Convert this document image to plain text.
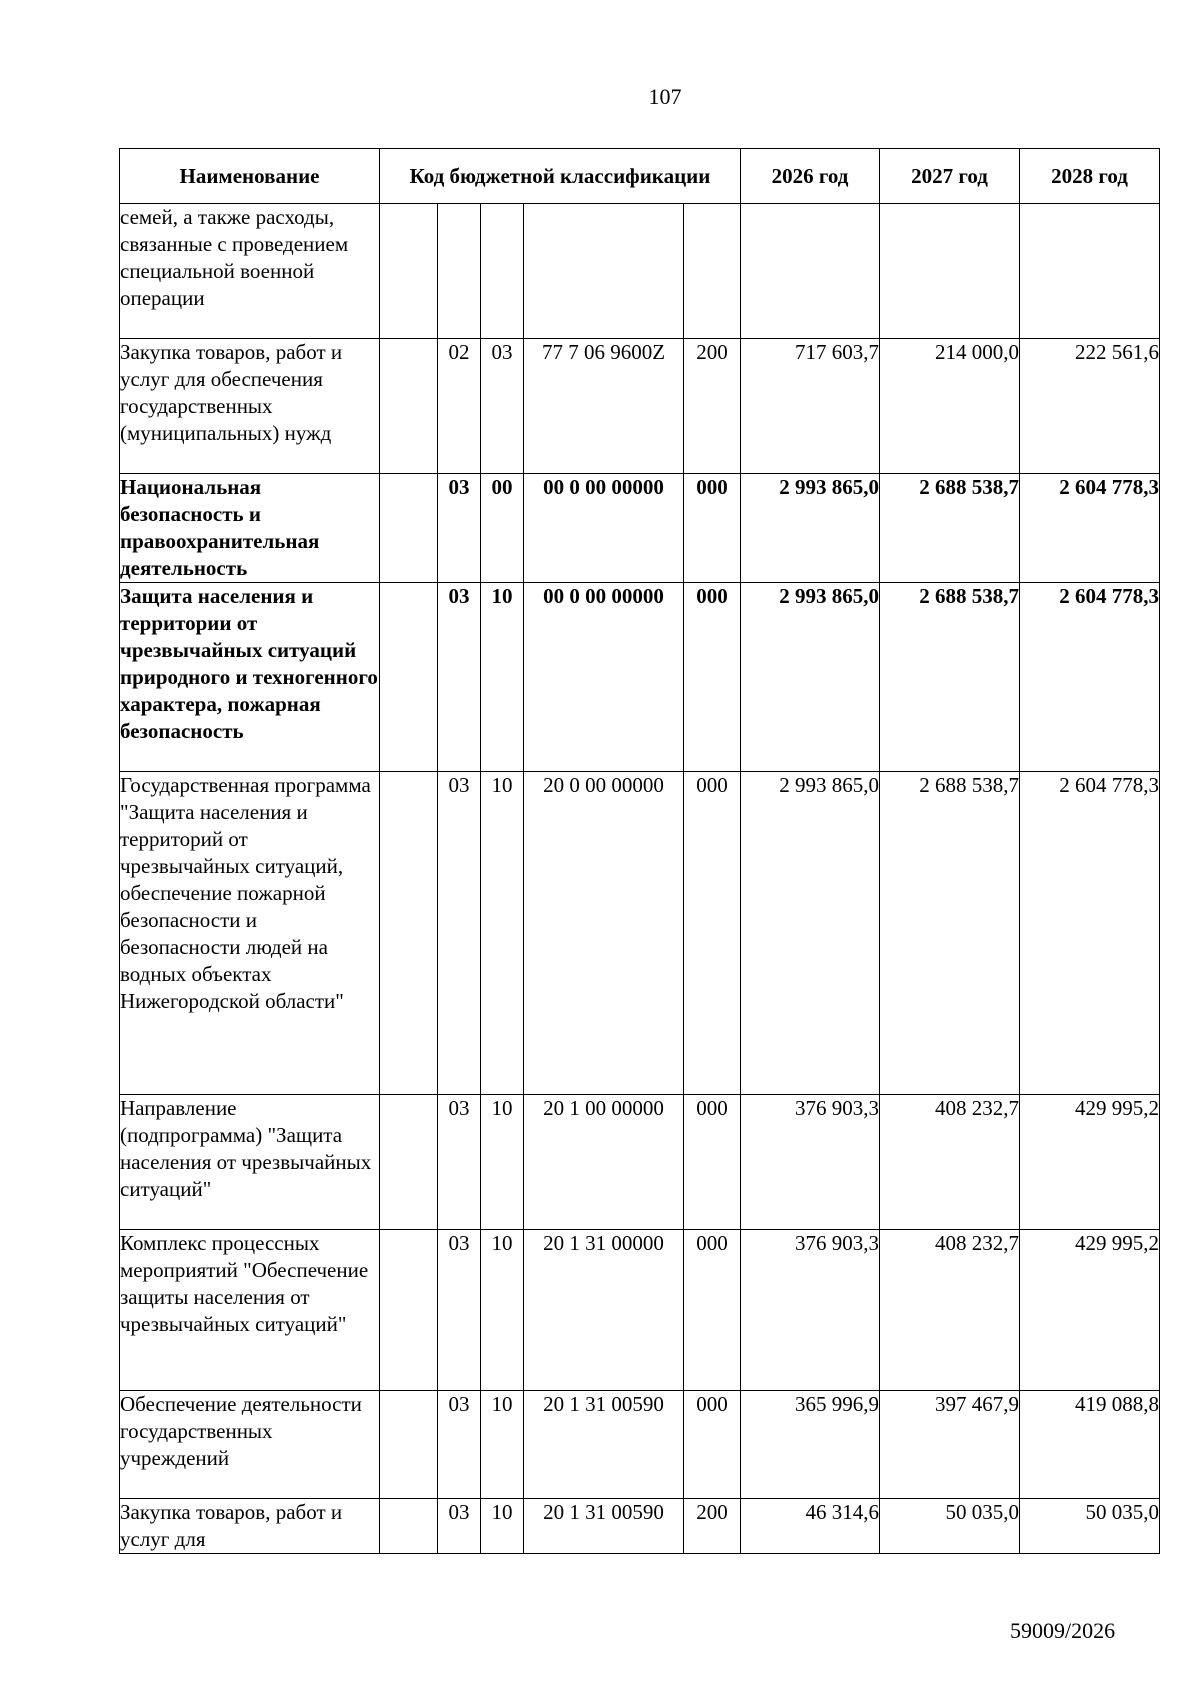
107
Наименование	Код бюджетной классификации					2026 год	2027 год	2028 год
семей, а также расходы, связанные с проведением специальной военной операции								
Закупка товаров, работ и услуг для обеспечения государственных (муниципальных) нужд		02	03	77 7 06 9600Z	200	717 603,7	214 000,0	222 561,6
Национальная безопасность и правоохранительная деятельность		03	00	00 0 00 00000	000	2 993 865,0	2 688 538,7	2 604 778,3
Защита населения и территории от чрезвычайных ситуаций природного и техногенного характера, пожарная безопасность		03	10	00 0 00 00000	000	2 993 865,0	2 688 538,7	2 604 778,3
Государственная программа "Защита населения и территорий от чрезвычайных ситуаций, обеспечение пожарной безопасности и безопасности людей на водных объектах Нижегородской области"		03	10	20 0 00 00000	000	2 993 865,0	2 688 538,7	2 604 778,3
Направление (подпрограмма) "Защита населения от чрезвычайных ситуаций"		03	10	20 1 00 00000	000	376 903,3	408 232,7	429 995,2
Комплекс процессных мероприятий "Обеспечение защиты населения от чрезвычайных ситуаций"		03	10	20 1 31 00000	000	376 903,3	408 232,7	429 995,2
Обеспечение деятельности государственных учреждений		03	10	20 1 31 00590	000	365 996,9	397 467,9	419 088,8
Закупка товаров, работ и услуг для		03	10	20 1 31 00590	200	46 314,6	50 035,0	50 035,0
59009/2026
